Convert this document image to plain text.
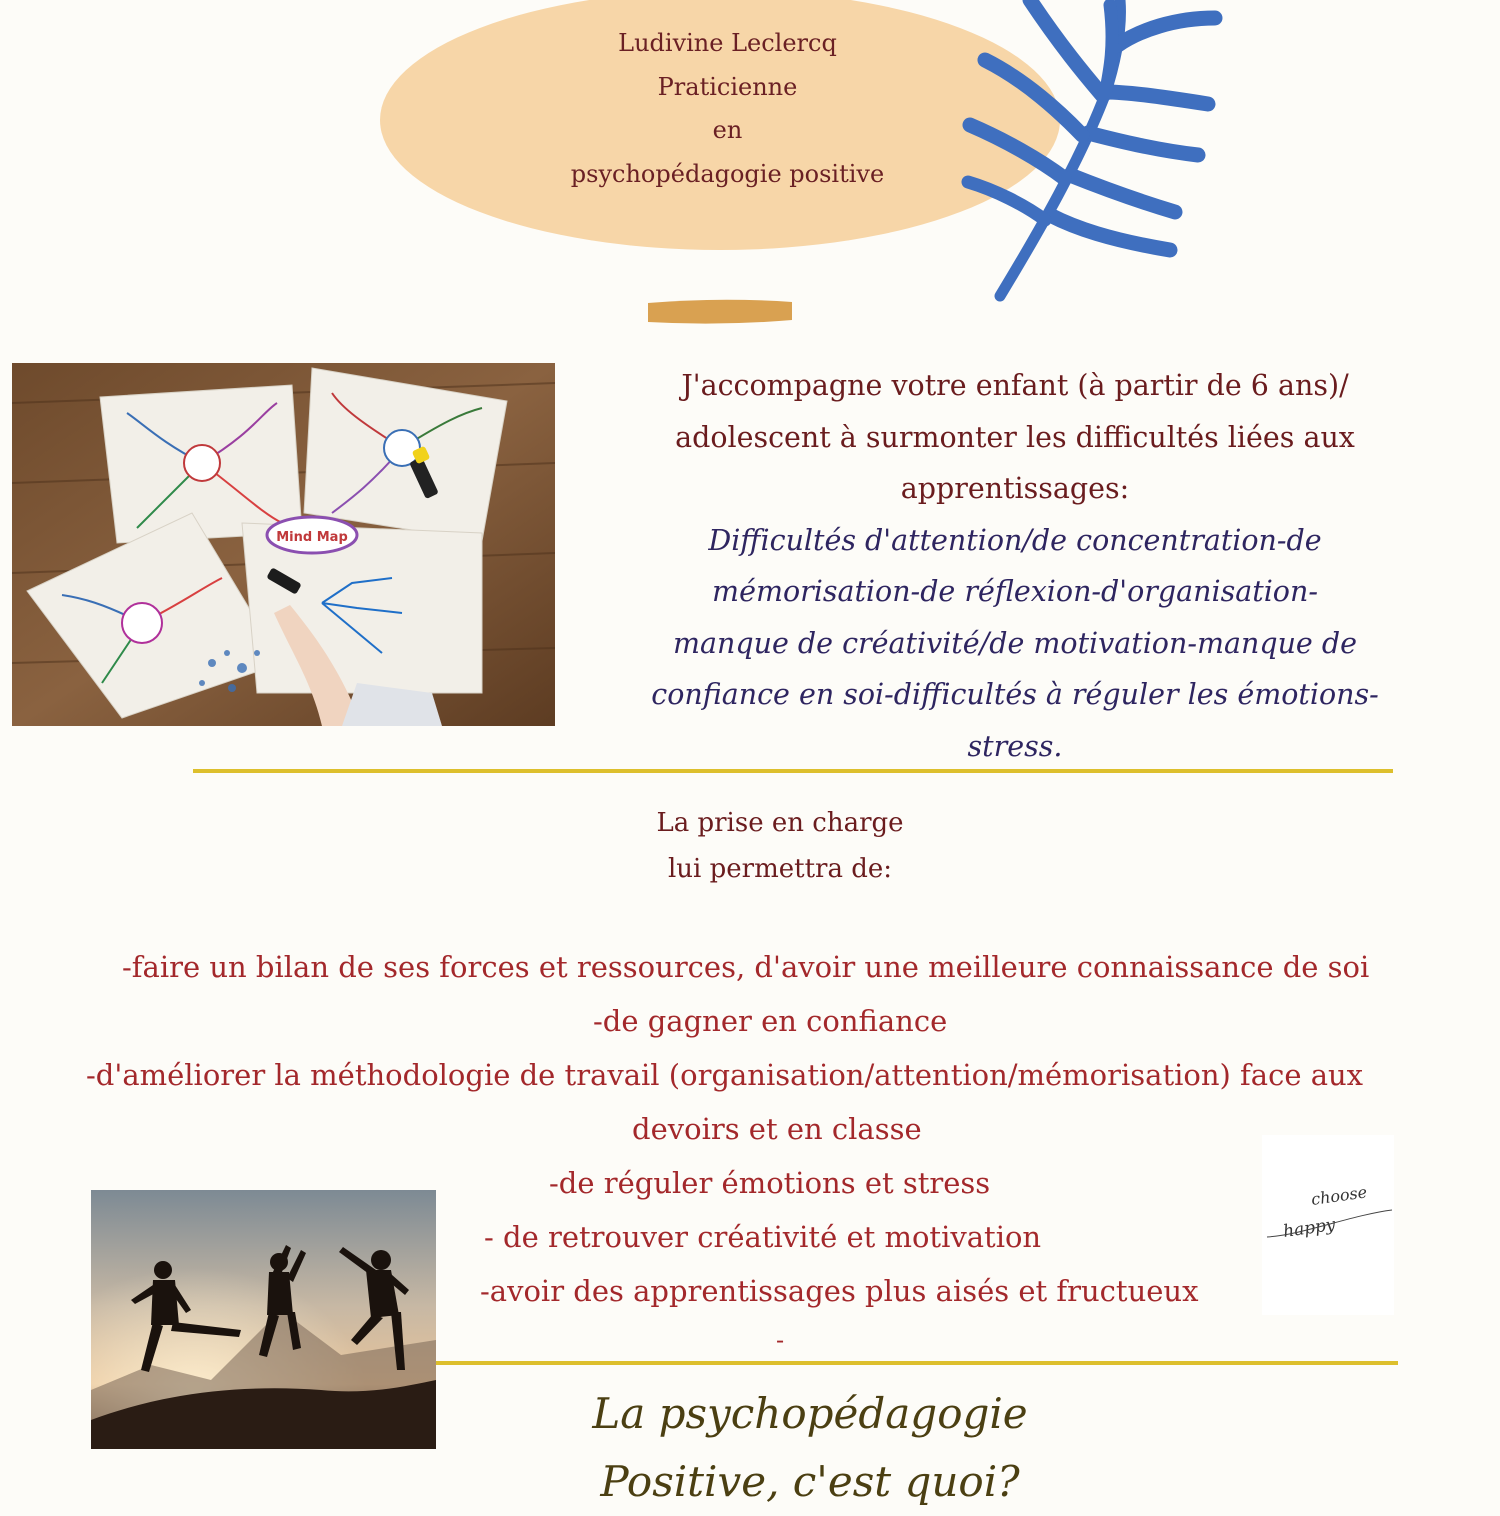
Ludivine Leclercq
Praticienne
en
psychopédagogie positive
Mind Map
J'accompagne votre enfant (à partir de 6 ans)/
adolescent à surmonter les difficultés liées aux
apprentissages:
Difficultés d'attention/de concentration-de
mémorisation-de réflexion-d'organisation-
manque de créativité/de motivation-manque de
confiance en soi-difficultés à réguler les émotions-
stress.
La prise en charge
lui permettra de:
-faire un bilan de ses forces et ressources, d'avoir une meilleure connaissance de soi
-de gagner en confiance
-d'améliorer la méthodologie de travail (organisation/attention/mémorisation) face aux
devoirs et en classe
-de réguler émotions et stress
- de retrouver créativité et motivation
-avoir des apprentissages plus aisés et fructueux
-
choose
happy
La psychopédagogie
Positive, c'est quoi?
